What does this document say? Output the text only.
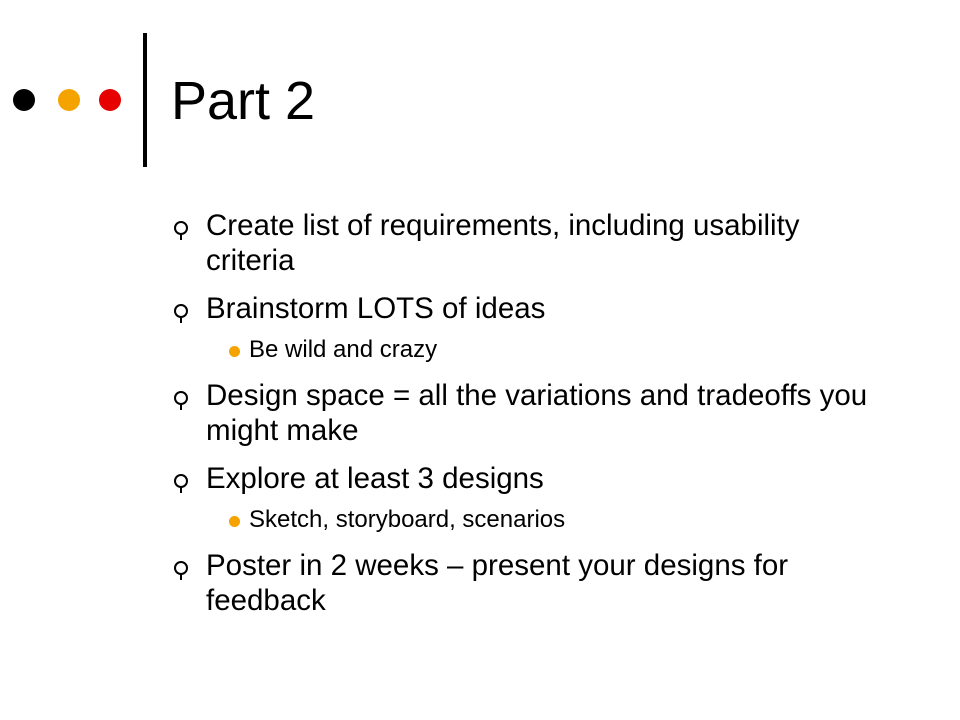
Part 2
Create list of requirements, including usability criteria
Brainstorm LOTS of ideas
Be wild and crazy
Design space = all the variations and tradeoffs you might make
Explore at least 3 designs
Sketch, storyboard, scenarios
Poster in 2 weeks – present your designs for feedback
